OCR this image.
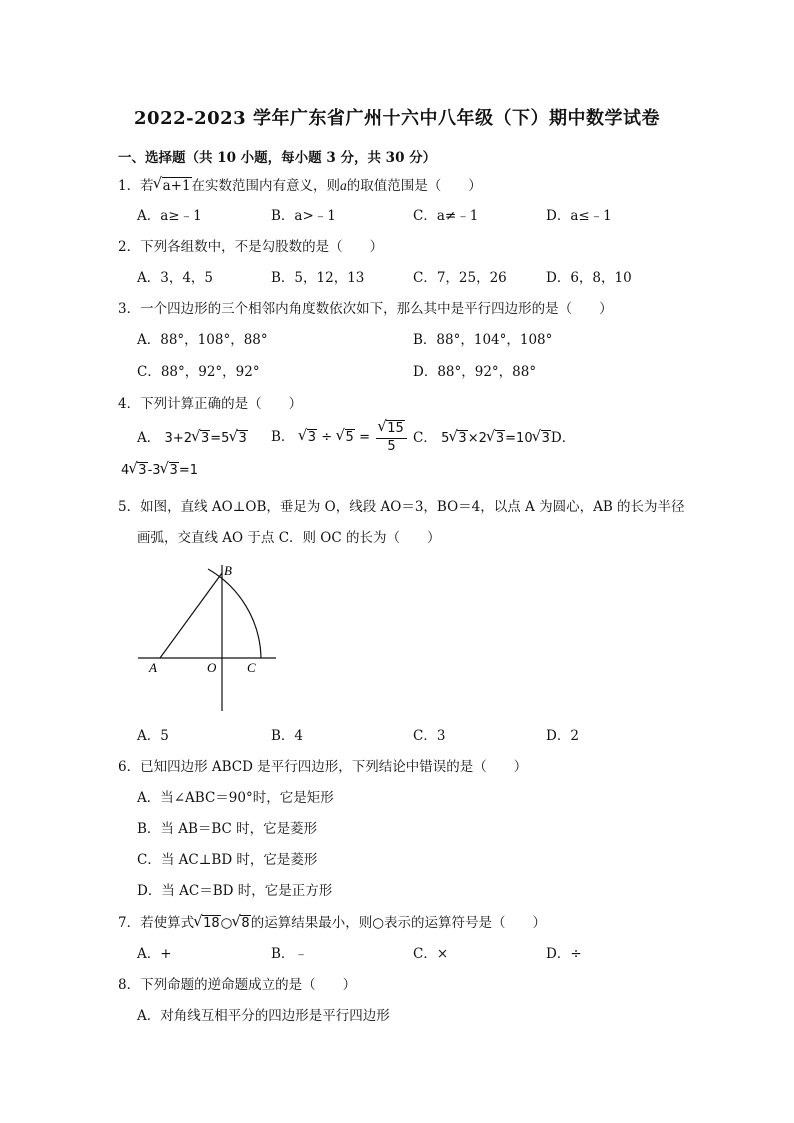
2022-2023 学年广东省广州十六中八年级（下）期中数学试卷
一、选择题（共 10 小题，每小题 3 分，共 30 分）
1．若 √ a+1在实数范围内有意义，则a的取值范围是（　　）
A．a≥﹣1	B．a>﹣1	C．a≠﹣1	D．a≤﹣1
2．下列各组数中，不是勾股数的是（　　）
A．3，4，5	B．5，12，13	C．7，25，26	D．6，8，10
3．一个四边形的三个相邻内角度数依次如下，那么其中是平行四边形的是（　　）
A．88°，108°，88°	B．88°，104°，108°
C．88°，92°，92°	D．88°，92°，88°
4．下列计算正确的是（　　）
A． 3+2 √ 3=5 √ 3 B． √ 3 ÷ √ 5 = √ $\frac{15}{5}$ C． 5 √ 3×2 √ 3=10 √ 3D．
4 √ 3-3 √ 3=1
5．如图，直线 AO⊥OB，垂足为 O，线段 AO＝3，BO＝4，以点 A 为圆心，AB 的长为半径
画弧，交直线 AO 于点 C．则 OC 的长为（　　）
A	O
B
C
A．5	B．4	C．3	D．2
6．已知四边形 ABCD 是平行四边形，下列结论中错误的是（　　）
A．当∠ABC＝90°时，它是矩形
B．当 AB＝BC 时，它是菱形
C．当 AC⊥BD 时，它是菱形
D．当 AC＝BD 时，它是正方形
7．若使算式 √ 18○ √ 8的运算结果最小，则○表示的运算符号是（　　）
A．+	B．﹣	C．×	D．÷
8．下列命题的逆命题成立的是（　　）
A．对角线互相平分的四边形是平行四边形
